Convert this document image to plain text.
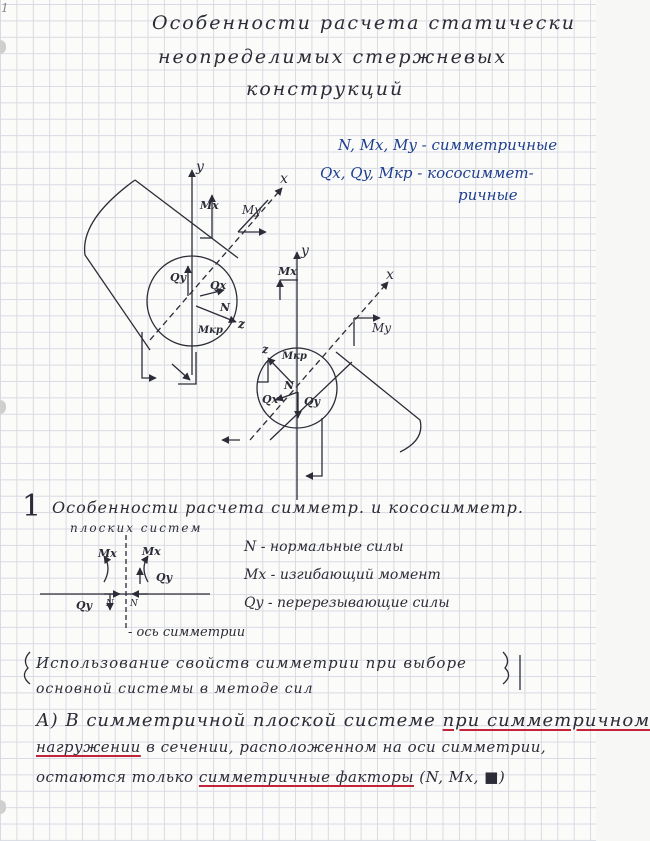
1
Особенности расчета статически
неопределимых стержневых
конструкций
N, Mx, My - симметричные
Qx, Qy, Mкр - кососиммет-
ричные
y
x
Mx My
Qy
Qx
N
Mкр z
Mx
y
x
My
z
Mкр
N
Qx Qy
1 Особенности расчета симметр. и кососимметр.
плоских систем
Mx Mx
Qy
Qy N N
N - нормальные силы
Mx - изгибающий момент
Qy - перерезывающие силы
- ось симметрии
Использование свойств симметрии при выборе
основной системы в методе сил
А) В симметричной плоской системе при симметричном
нагружении в сечении, расположенном на оси симметрии,
остаются только симметричные факторы (N, Mx, ■)
